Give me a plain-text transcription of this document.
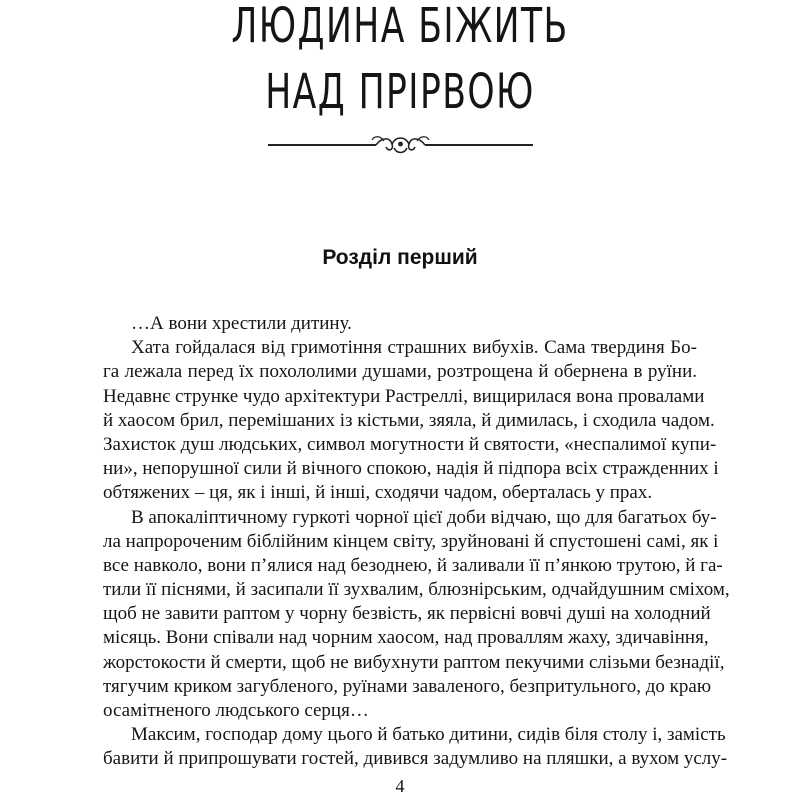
ЛЮДИНА БІЖИТЬ
НАД ПРІРВОЮ
Розділ перший
…А вони хрестили дитину.
Хата гойдалася від гримотіння страшних вибухів. Сама твердиня Бо-
га лежала перед їх похололими душами, розтрощена й обернена в руїни.
Недавнє струнке чудо архітектури Растреллі, вищирилася вона провалами
й хаосом брил, перемішаних із кістьми, зяяла, й димилась, і сходила чадом.
Захисток душ людських, символ могутности й святости, «неспалимої купи-
ни», непорушної сили й вічного спокою, надія й підпора всіх стражденних і
обтяжених – ця, як і інші, й інші, сходячи чадом, оберталась у прах.
В апокаліптичному гуркоті чорної цієї доби відчаю, що для багатьох бу-
ла напророченим біблійним кінцем світу, зруйновані й спустошені самі, як і
все навколо, вони п’ялися над безоднею, й заливали її п’янкою трутою, й га-
тили її піснями, й засипали її зухвалим, блюзнірським, одчайдушним сміхом,
щоб не завити раптом у чорну безвість, як первісні вовчі душі на холодний
місяць. Вони співали над чорним хаосом, над проваллям жаху, здичавіння,
жорстокости й смерти, щоб не вибухнути раптом пекучими слізьми безнадії,
тягучим криком загубленого, руїнами заваленого, безпритульного, до краю
осамітненого людського серця…
Максим, господар дому цього й батько дитини, сидів біля столу і, замість
бавити й припрошувати гостей, дивився задумливо на пляшки, а вухом услу-
4
